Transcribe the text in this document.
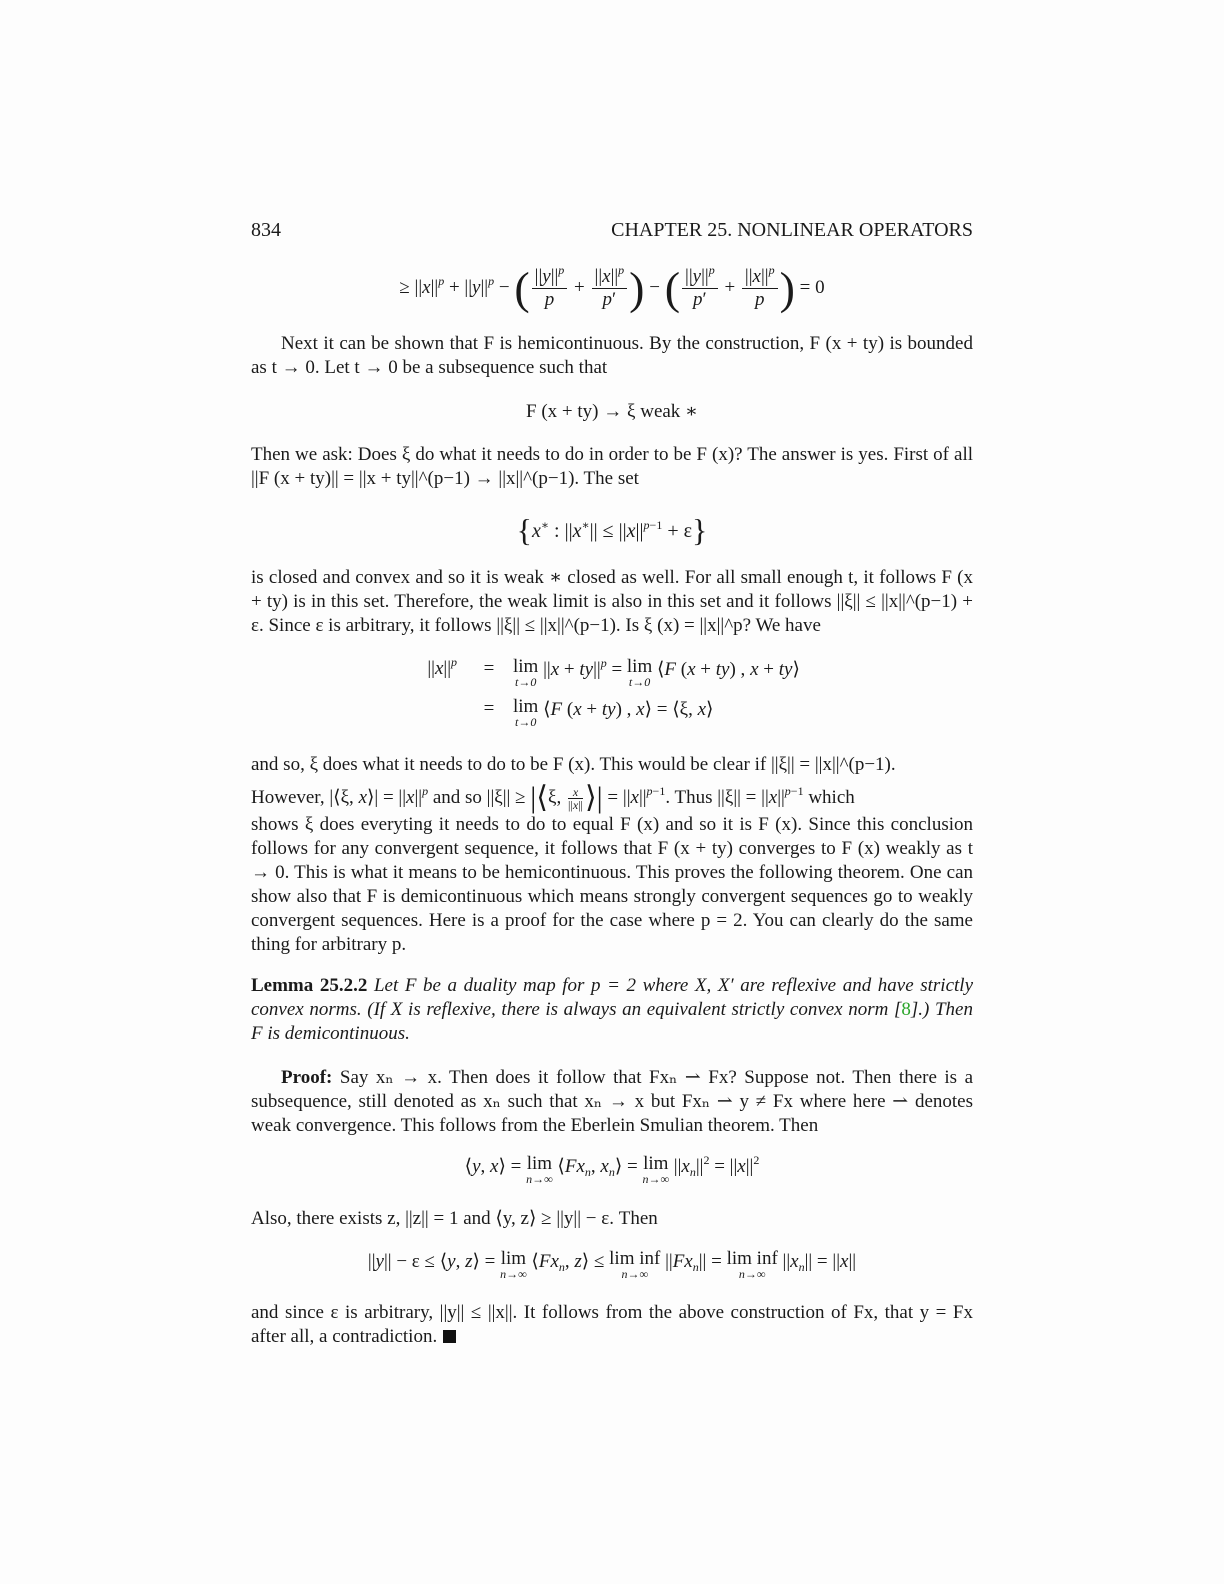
834	CHAPTER 25. NONLINEAR OPERATORS
≥ $||x||^p + ||y||^p$ − ( $\frac{||y||^p}{p} + \frac{||x||^p}{p'}$ ) − ( $\frac{||y||^p}{p'} + \frac{||x||^p}{p}$ ) = 0

Next it can be shown that F is hemicontinuous. By the construction, F (x + ty) is bounded as t → 0. Let t → 0 be a subsequence such that

F (x + ty) → ξ weak ∗

Then we ask: Does ξ do what it needs to do in order to be F (x)? The answer is yes. First of all ||F (x + ty)|| = ||x + ty||^(p−1) → ||x||^(p−1). The set

{x∗ : $||x^∗|| \le ||x||^{p-1} + \varepsilon$}

is closed and convex and so it is weak ∗ closed as well. For all small enough t, it follows F (x + ty) is in this set. Therefore, the weak limit is also in this set and it follows ||ξ|| ≤ ||x||^(p−1) + ε. Since ε is arbitrary, it follows ||ξ|| ≤ ||x||^(p−1). Is ξ (x) = ||x||^p? We have

$||x||^p$	= lim
t→0
$||x + ty||^p = \lim$
t→0
⟨F (x + ty) , x + ty⟩
= lim
t→0
⟨F (x + ty) , x⟩ = ⟨ξ, x⟩

and so, ξ does what it needs to do to be F (x). This would be clear if ||ξ|| = ||x||^(p−1).

However, |⟨ξ, x⟩| = $||x||^p$ and so ||ξ|| ≥ |⟨ξ, $\frac{x}{||x||}$ ⟩| = $||x||^{p-1}$. Thus $||\xi|| = ||x||^{p-1}$ which

shows ξ does everyting it needs to do to equal F (x) and so it is F (x). Since this conclusion follows for any convergent sequence, it follows that F (x + ty) converges to F (x) weakly as t → 0. This is what it means to be hemicontinuous. This proves the following theorem. One can show also that F is demicontinuous which means strongly convergent sequences go to weakly convergent sequences. Here is a proof for the case where p = 2. You can clearly do the same thing for arbitrary p.

Lemma 25.2.2 Let F be a duality map for p = 2 where X, X′ are reflexive and have strictly convex norms. (If X is reflexive, there is always an equivalent strictly convex norm [8].) Then F is demicontinuous.

Proof: Say xₙ → x. Then does it follow that Fxₙ ⇀ Fx? Suppose not. Then there is a subsequence, still denoted as xₙ such that xₙ → x but Fxₙ ⇀ y ≠ Fx where here ⇀ denotes weak convergence. This follows from the Eberlein Smulian theorem. Then

⟨y, x⟩ = lim
n→∞
$⟨Fx_n$, $x_n⟩ = \lim$
n→∞
$||x_n||^2 = ||x||^2$

Also, there exists z, ||z|| = 1 and ⟨y, z⟩ ≥ ||y|| − ε. Then

||y|| − ε ≤ ⟨y, z⟩ = lim
n→∞
$⟨Fx_n$, z⟩ ≤ lim inf
n→∞
$||Fx_n|| = \lim$ inf
n→∞
$||x_n|| = ||x||$

and since ε is arbitrary, ||y|| ≤ ||x||. It follows from the above construction of Fx, that y = Fx after all, a contradiction.
